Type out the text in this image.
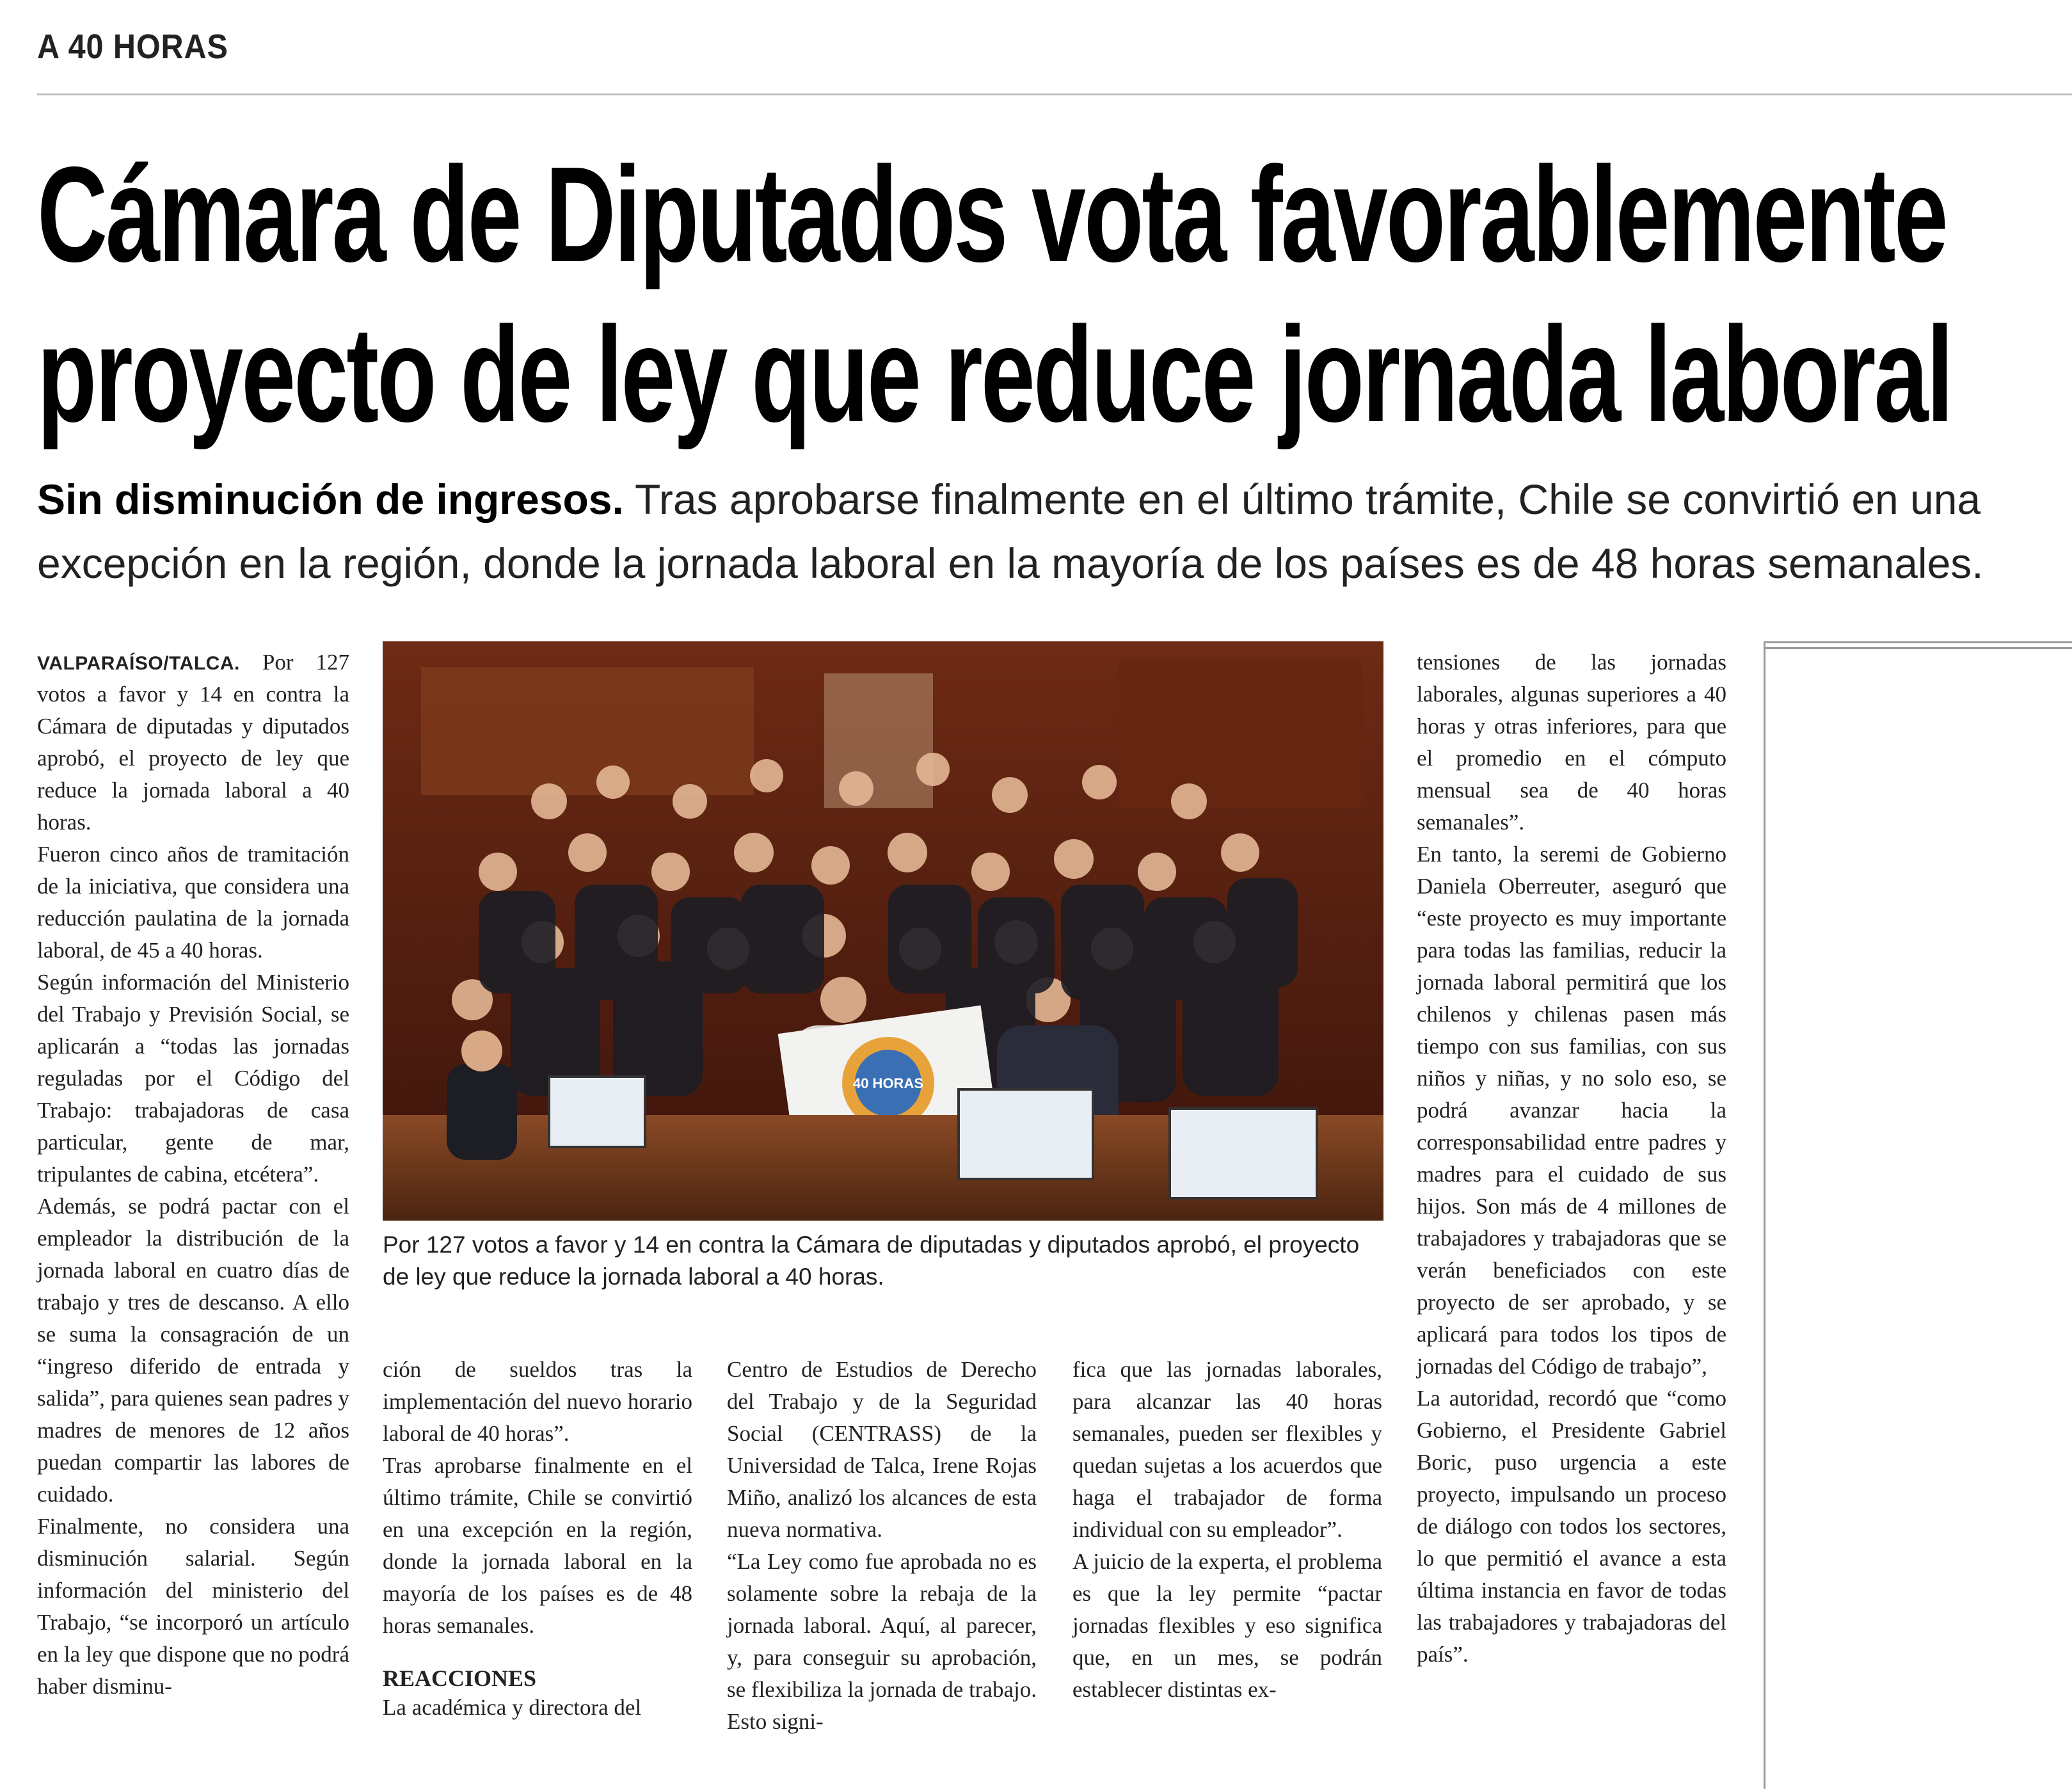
A 40 HORAS
Cámara de Diputados vota favorablemente
proyecto de ley que reduce jornada laboral
Sin disminución de ingresos. Tras aprobarse finalmente en el último trámite, Chile se convirtió en una excepción en la región, donde la jornada laboral en la mayoría de los países es de 48 horas semanales.

VALPARAÍSO/TALCA. Por 127 votos a favor y 14 en contra la Cámara de diputadas y diputados aprobó, el proyecto de ley que reduce la jornada laboral a 40 horas.

Fueron cinco años de tramitación de la iniciativa, que considera una reducción paulatina de la jornada laboral, de 45 a 40 horas.

Según información del Ministerio del Trabajo y Previsión Social, se aplicarán a “todas las jornadas reguladas por el Código del Trabajo: trabajadoras de casa particular, gente de mar, tripulantes de cabina, etcétera”.

Además, se podrá pactar con el empleador la distribución de la jornada laboral en cuatro días de trabajo y tres de descanso. A ello se suma la consagración de un “ingreso diferido de entrada y salida”, para quienes sean padres y madres de menores de 12 años puedan compartir las labores de cuidado.

Finalmente, no considera una disminución salarial. Según información del ministerio del Trabajo, “se incorporó un artículo en la ley que dispone que no podrá haber disminu-

40 HORAS
Por 127 votos a favor y 14 en contra la Cámara de diputadas y diputados aprobó, el proyecto de ley que reduce la jornada laboral a 40 horas.

ción de sueldos tras la implementación del nuevo horario laboral de 40 horas”.

Tras aprobarse finalmente en el último trámite, Chile se convirtió en una excepción en la región, donde la jornada laboral en la mayoría de los países es de 48 horas semanales.

REACCIONES

La académica y directora del

Centro de Estudios de Derecho del Trabajo y de la Seguridad Social (CENTRASS) de la Universidad de Talca, Irene Rojas Miño, analizó los alcances de esta nueva normativa.

“La Ley como fue aprobada no es solamente sobre la rebaja de la jornada laboral. Aquí, al parecer, y, para conseguir su aprobación, se flexibiliza la jornada de trabajo. Esto signi-

fica que las jornadas laborales, para alcanzar las 40 horas semanales, pueden ser flexibles y quedan sujetas a los acuerdos que haga el trabajador de forma individual con su empleador”.

A juicio de la experta, el problema es que la ley permite “pactar jornadas flexibles y eso significa que, en un mes, se podrán establecer distintas ex-

tensiones de las jornadas laborales, algunas superiores a 40 horas y otras inferiores, para que el promedio en el cómputo mensual sea de 40 horas semanales”.

En tanto, la seremi de Gobierno Daniela Oberreuter, aseguró que “este proyecto es muy importante para todas las familias, reducir la jornada laboral permitirá que los chilenos y chilenas pasen más tiempo con sus familias, con sus niños y niñas, y no solo eso, se podrá avanzar hacia la corresponsabilidad entre padres y madres para el cuidado de sus hijos. Son más de 4 millones de trabajadores y trabajadoras que se verán beneficiados con este proyecto de ser aprobado, y se aplicará para todos los tipos de jornadas del Código de trabajo”,

La autoridad, recordó que “como Gobierno, el Presidente Gabriel Boric, puso urgencia a este proyecto, impulsando un proceso de diálogo con todos los sectores, lo que permitió el avance a esta última instancia en favor de todas las trabajadores y trabajadoras del país”.
